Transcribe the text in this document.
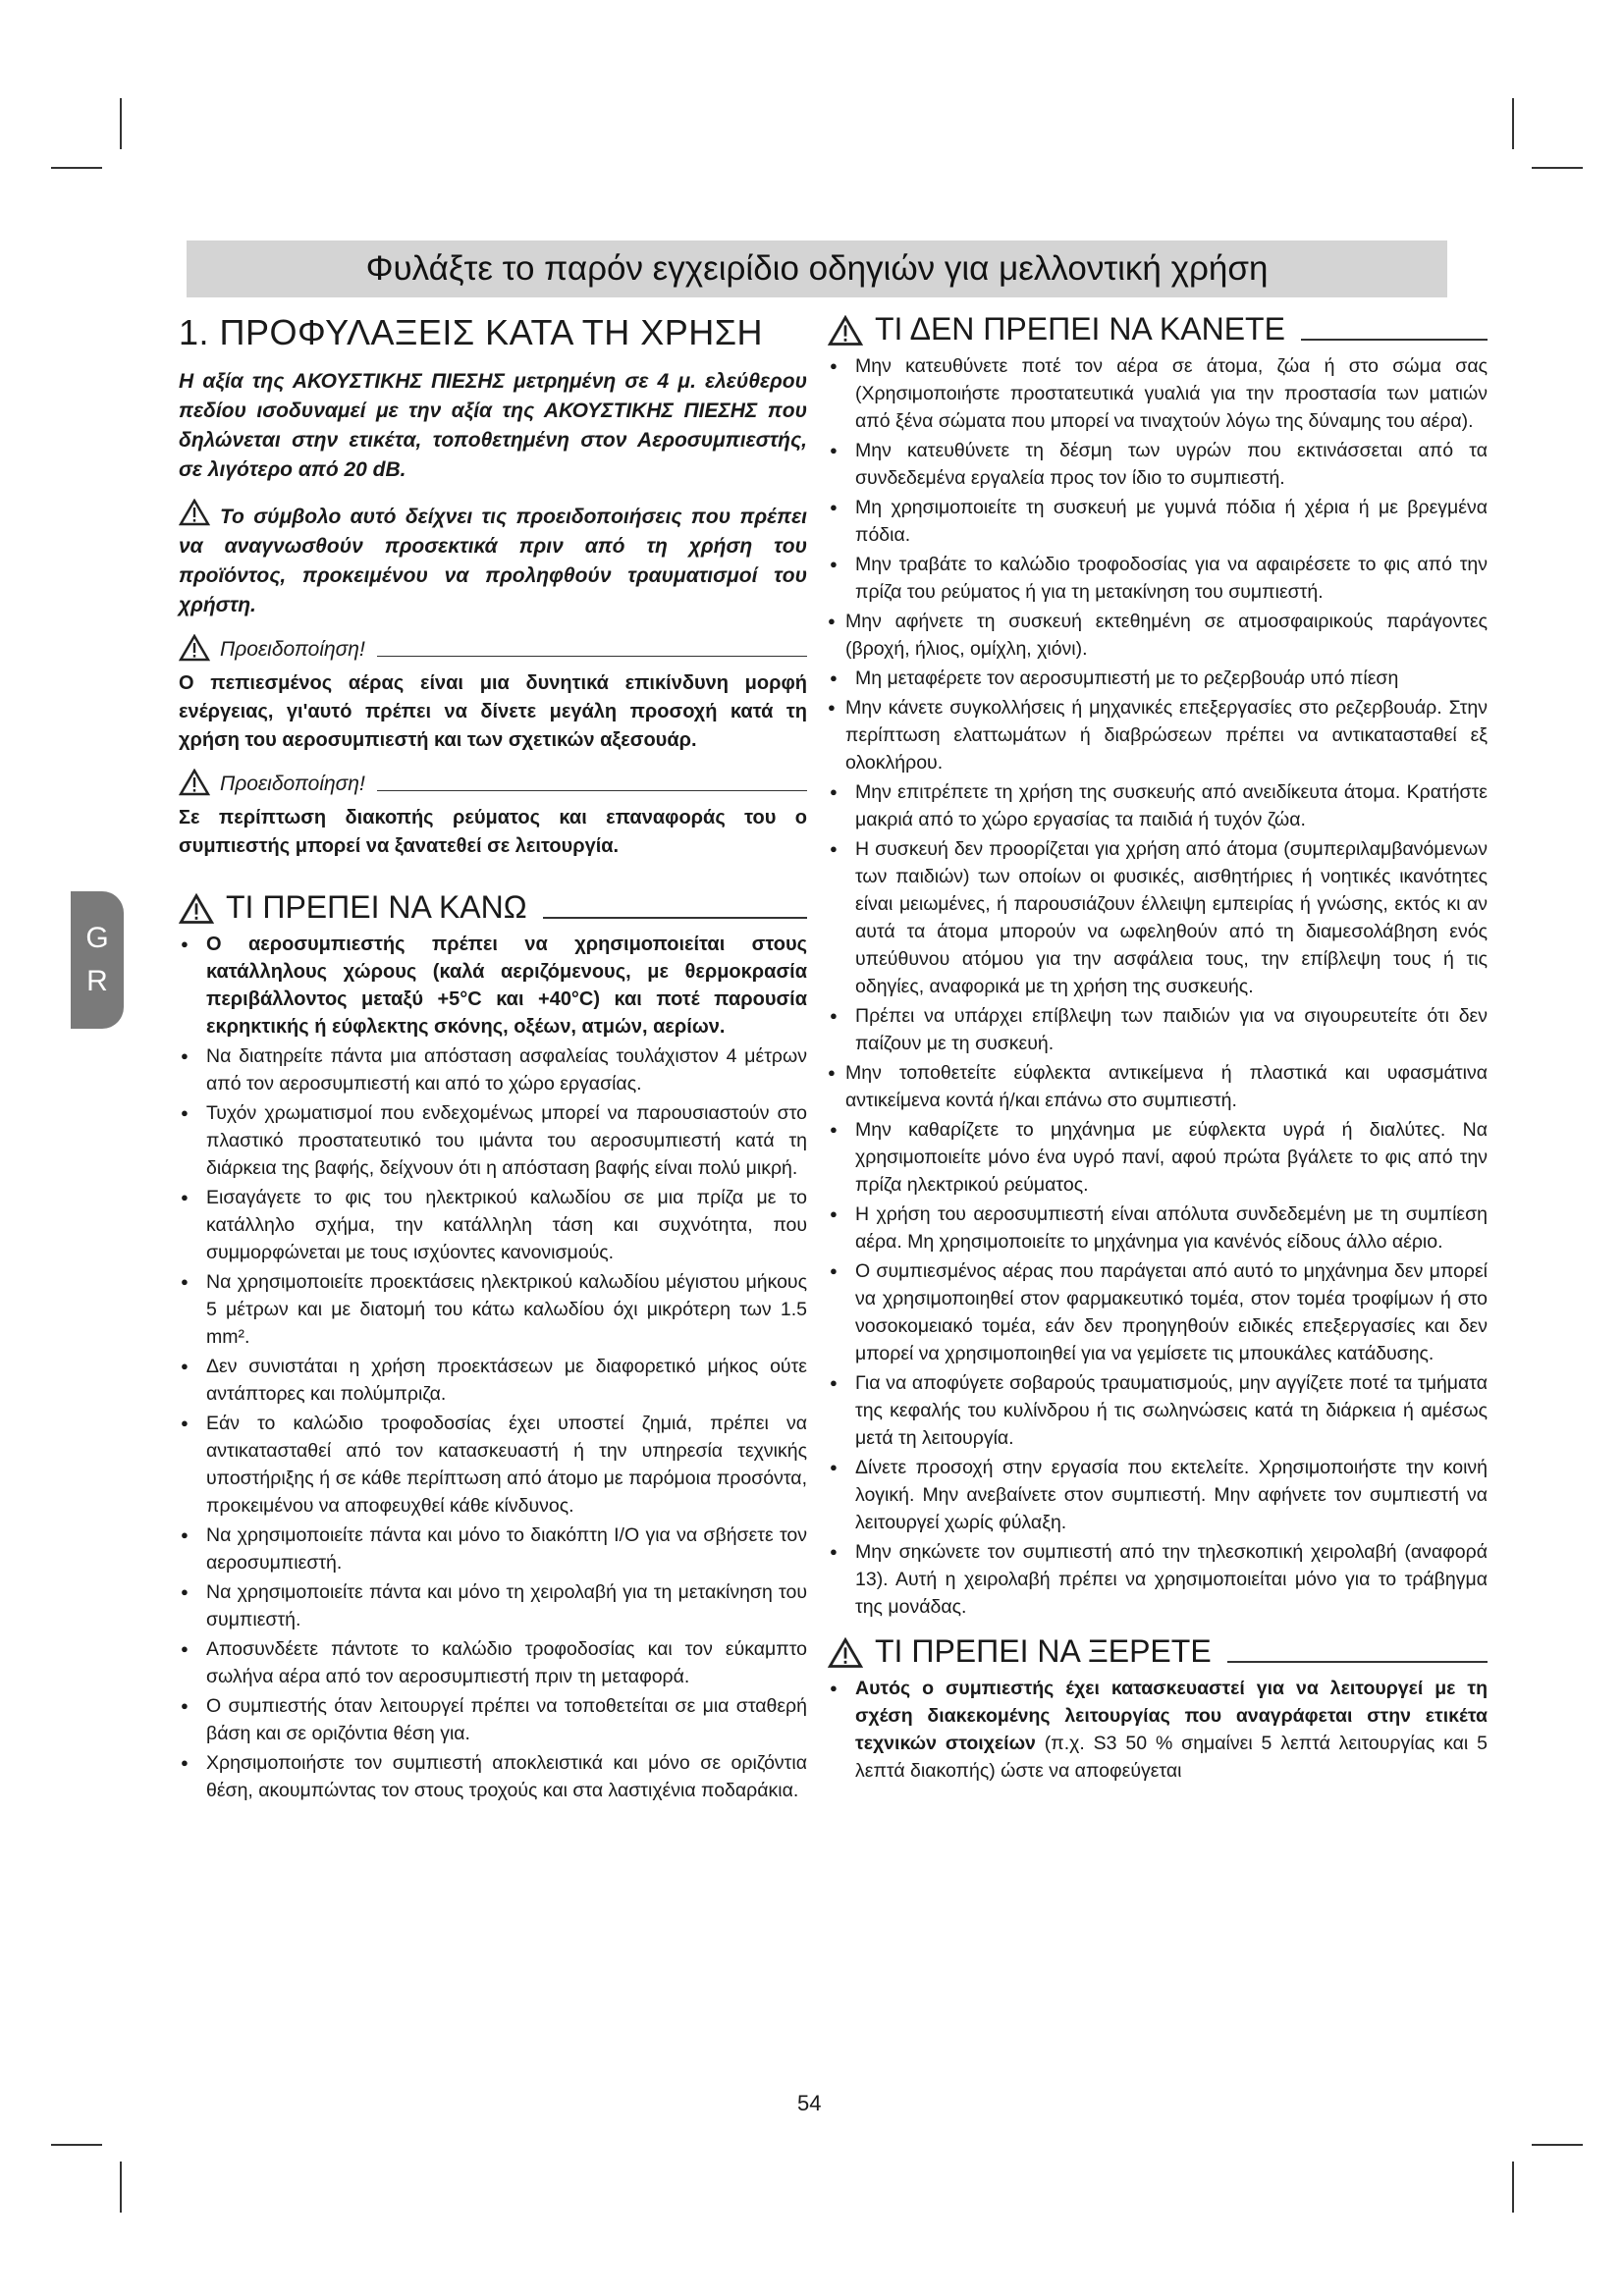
Φυλάξτε το παρόν εγχειρίδιο οδηγιών για μελλοντική χρήση
G
R
1. ΠΡΟΦΥΛΑΞΕΙΣ ΚΑΤΑ ΤΗ ΧΡΗΣΗ

Η αξία της ΑΚΟΥΣΤΙΚΗΣ ΠΙΕΣΗΣ μετρημένη σε 4 μ. ελεύθερου πεδίου ισοδυναμεί με την αξία της ΑΚΟΥΣΤΙΚΗΣ ΠΙΕΣΗΣ που δηλώνεται στην ετικέτα, τοποθετημένη στον Αεροσυμπιεστής, σε λιγότερο από 20 dB.

Το σύμβολο αυτό δείχνει τις προειδοποιήσεις που πρέπει να αναγνωσθούν προσεκτικά πριν από τη χρήση του προϊόντος, προκειμένου να προληφθούν τραυματισμοί του χρήστη.

Προειδοποίηση!

Ο πεπιεσμένος αέρας είναι μια δυνητικά επικίνδυνη μορφή ενέργειας, γι'αυτό πρέπει να δίνετε μεγάλη προσοχή κατά τη χρήση του αεροσυμπιεστή και των σχετικών αξεσουάρ.

Προειδοποίηση!

Σε περίπτωση διακοπής ρεύματος και επαναφοράς του ο συμπιεστής μπορεί να ξανατεθεί σε λειτουργία.

ΤΙ ΠΡΕΠΕΙ ΝΑ ΚΑΝΩ
● Ο αεροσυμπιεστής πρέπει να χρησιμοποιείται στους κατάλληλους χώρους (καλά αεριζόμενους, με θερμοκρασία περιβάλλοντος μεταξύ +5°C και +40°C) και ποτέ παρουσία εκρηκτικής ή εύφλεκτης σκόνης, οξέων, ατμών, αερίων.
● Να διατηρείτε πάντα μια απόσταση ασφαλείας τουλάχιστον 4 μέτρων από τον αεροσυμπιεστή και από το χώρο εργασίας.
● Τυχόν χρωματισμοί που ενδεχομένως μπορεί να παρουσιαστούν στο πλαστικό προστατευτικό του ιμάντα του αεροσυμπιεστή κατά τη διάρκεια της βαφής, δείχνουν ότι η απόσταση βαφής είναι πολύ μικρή.
● Εισαγάγετε το φις του ηλεκτρικού καλωδίου σε μια πρίζα με το κατάλληλο σχήμα, την κατάλληλη τάση και συχνότητα, που συμμορφώνεται με τους ισχύοντες κανονισμούς.
● Να χρησιμοποιείτε προεκτάσεις ηλεκτρικού καλωδίου μέγιστου μήκους 5 μέτρων και με διατομή του κάτω καλωδίου όχι μικρότερη των 1.5 mm².
● Δεν συνιστάται η χρήση προεκτάσεων με διαφορετικό μήκος ούτε αντάπτορες και πολύμπριζα.
● Εάν το καλώδιο τροφοδοσίας έχει υποστεί ζημιά, πρέπει να αντικατασταθεί από τον κατασκευαστή ή την υπηρεσία τεχνικής υποστήριξης ή σε κάθε περίπτωση από άτομο με παρόμοια προσόντα, προκειμένου να αποφευχθεί κάθε κίνδυνος.
● Να χρησιμοποιείτε πάντα και μόνο το διακόπτη I/O για να σβήσετε τον αεροσυμπιεστή.
● Να χρησιμοποιείτε πάντα και μόνο τη χειρολαβή για τη μετακίνηση του συμπιεστή.
● Αποσυνδέετε πάντοτε το καλώδιο τροφοδοσίας και τον εύκαμπτο σωλήνα αέρα από τον αεροσυμπιεστή πριν τη μεταφορά.
● Ο συμπιεστής όταν λειτουργεί πρέπει να τοποθετείται σε μια σταθερή βάση και σε οριζόντια θέση για.
● Χρησιμοποιήστε τον συμπιεστή αποκλειστικά και μόνο σε οριζόντια θέση, ακουμπώντας τον στους τροχούς και στα λαστιχένια ποδαράκια.
ΤΙ ΔΕΝ ΠΡΕΠΕΙ ΝΑ ΚΑΝΕΤΕ
● Μην κατευθύνετε ποτέ τον αέρα σε άτομα, ζώα ή στο σώμα σας (Χρησιμοποιήστε προστατευτικά γυαλιά για την προστασία των ματιών από ξένα σώματα που μπορεί να τιναχτούν λόγω της δύναμης του αέρα).
● Μην κατευθύνετε τη δέσμη των υγρών που εκτινάσσεται από τα συνδεδεμένα εργαλεία προς τον ίδιο το συμπιεστή.
● Μη χρησιμοποιείτε τη συσκευή με γυμνά πόδια ή χέρια ή με βρεγμένα πόδια.
● Μην τραβάτε το καλώδιο τροφοδοσίας για να αφαιρέσετε το φις από την πρίζα του ρεύματος ή για τη μετακίνηση του συμπιεστή.
● Μην αφήνετε τη συσκευή εκτεθημένη σε ατμοσφαιρικούς παράγοντες (βροχή, ήλιος, ομίχλη, χιόνι).
● Μη μεταφέρετε τον αεροσυμπιεστή με το ρεζερβουάρ υπό πίεση
● Μην κάνετε συγκολλήσεις ή μηχανικές επεξεργασίες στο ρεζερβουάρ. Στην περίπτωση ελαττωμάτων ή διαβρώσεων πρέπει να αντικατασταθεί εξ ολοκλήρου.
● Μην επιτρέπετε τη χρήση της συσκευής από ανειδίκευτα άτομα. Κρατήστε μακριά από το χώρο εργασίας τα παιδιά ή τυχόν ζώα.
● Η συσκευή δεν προορίζεται για χρήση από άτομα (συμπεριλαμβανόμενων των παιδιών) των οποίων οι φυσικές, αισθητήριες ή νοητικές ικανότητες είναι μειωμένες, ή παρουσιάζουν έλλειψη εμπειρίας ή γνώσης, εκτός κι αν αυτά τα άτομα μπορούν να ωφεληθούν από τη διαμεσολάβηση ενός υπεύθυνου ατόμου για την ασφάλεια τους, την επίβλεψη τους ή τις οδηγίες, αναφορικά με τη χρήση της συσκευής.
● Πρέπει να υπάρχει επίβλεψη των παιδιών για να σιγουρευτείτε ότι δεν παίζουν με τη συσκευή.
● Μην τοποθετείτε εύφλεκτα αντικείμενα ή πλαστικά και υφασμάτινα αντικείμενα κοντά ή/και επάνω στο συμπιεστή.
● Μην καθαρίζετε το μηχάνημα με εύφλεκτα υγρά ή διαλύτες. Να χρησιμοποιείτε μόνο ένα υγρό πανί, αφού πρώτα βγάλετε το φις από την πρίζα ηλεκτρικού ρεύματος.
● Η χρήση του αεροσυμπιεστή είναι απόλυτα συνδεδεμένη με τη συμπίεση αέρα. Μη χρησιμοποιείτε το μηχάνημα για κανένός είδους άλλο αέριο.
● Ο συμπιεσμένος αέρας που παράγεται από αυτό το μηχάνημα δεν μπορεί να χρησιμοποιηθεί στον φαρμακευτικό τομέα, στον τομέα τροφίμων ή στο νοσοκομειακό τομέα, εάν δεν προηγηθούν ειδικές επεξεργασίες και δεν μπορεί να χρησιμοποιηθεί για να γεμίσετε τις μπουκάλες κατάδυσης.
● Για να αποφύγετε σοβαρούς τραυματισμούς, μην αγγίζετε ποτέ τα τμήματα της κεφαλής του κυλίνδρου ή τις σωληνώσεις κατά τη διάρκεια ή αμέσως μετά τη λειτουργία.
● Δίνετε προσοχή στην εργασία που εκτελείτε. Χρησιμοποιήστε την κοινή λογική. Μην ανεβαίνετε στον συμπιεστή. Μην αφήνετε τον συμπιεστή να λειτουργεί χωρίς φύλαξη.
● Μην σηκώνετε τον συμπιεστή από την τηλεσκοπική χειρολαβή (αναφορά 13). Αυτή η χειρολαβή πρέπει να χρησιμοποιείται μόνο για το τράβηγμα της μονάδας.
ΤΙ ΠΡΕΠΕΙ ΝΑ ΞΕΡΕΤΕ
● Αυτός ο συμπιεστής έχει κατασκευαστεί για να λειτουργεί με τη σχέση διακεκομένης λειτουργίας που αναγράφεται στην ετικέτα τεχνικών στοιχείων (π.χ. S3 50 % σημαίνει 5 λεπτά λειτουργίας και 5 λεπτά διακοπής) ώστε να αποφεύγεται
54
